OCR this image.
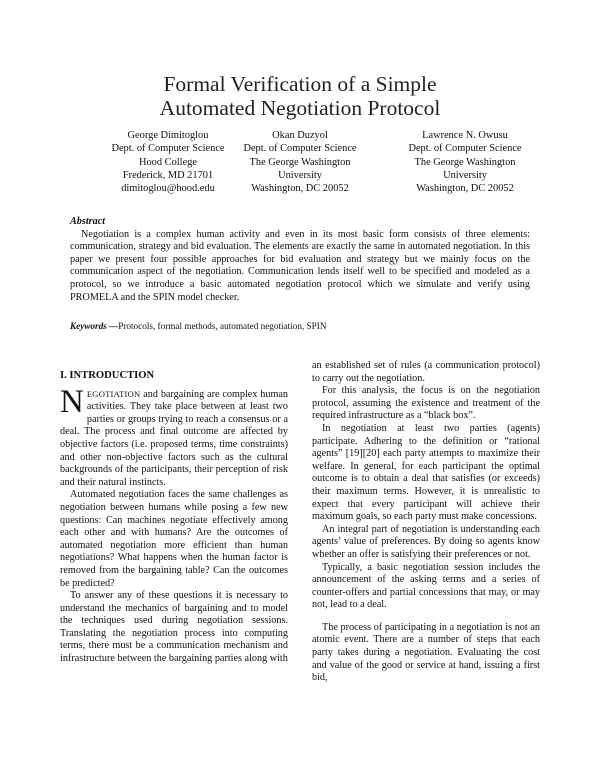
Formal Verification of a Simple
Automated Negotiation Protocol
George Dimitoglou
Dept. of Computer Science
Hood College
Frederick, MD 21701
dimitoglou@hood.edu
Okan Duzyol
Dept. of Computer Science
The George Washington
University
Washington, DC 20052
Lawrence N. Owusu
Dept. of Computer Science
The George Washington
University
Washington, DC 20052
Abstract

Negotiation is a complex human activity and even in its most basic form consists of three elements: communication, strategy and bid evaluation. The elements are exactly the same in automated negotiation. In this paper we present four possible approaches for bid evaluation and strategy but we mainly focus on the communication aspect of the negotiation. Communication lends itself well to be specified and modeled as a protocol, so we introduce a basic automated negotiation protocol which we simulate and verify using PROMELA and the SPIN model checker.

Keywords —Protocols, formal methods, automated negotiation, SPIN
I. INTRODUCTION

NEGOTIATION and bargaining are complex human activities. They take place between at least two parties or groups trying to reach a consensus or a deal. The process and final outcome are affected by objective factors (i.e. proposed terms, time constraints) and other non-objective factors such as the cultural backgrounds of the participants, their perception of risk and their natural instincts.

Automated negotiation faces the same challenges as negotiation between humans while posing a few new questions: Can machines negotiate effectively among each other and with humans? Are the outcomes of automated negotiation more efficient than human negotiations? What happens when the human factor is removed from the bargaining table? Can the outcomes be predicted?

To answer any of these questions it is necessary to understand the mechanics of bargaining and to model the techniques used during negotiation sessions. Translating the negotiation process into computing terms, there must be a communication mechanism and infrastructure between the bargaining parties along with

an established set of rules (a communication protocol) to carry out the negotiation.

For this analysis, the focus is on the negotiation protocol, assuming the existence and treatment of the required infrastructure as a “black box”.

In negotiation at least two parties (agents) participate. Adhering to the definition or “rational agents” [19][20] each party attempts to maximize their welfare. In general, for each participant the optimal outcome is to obtain a deal that satisfies (or exceeds) their maximum terms. However, it is unrealistic to expect that every participant will achieve their maximum goals, so each party must make concessions.

An integral part of negotiation is understanding each agents’ value of preferences. By doing so agents know whether an offer is satisfying their preferences or not.

Typically, a basic negotiation session includes the announcement of the asking terms and a series of counter-offers and partial concessions that may, or may not, lead to a deal.

The process of participating in a negotiation is not an atomic event. There are a number of steps that each party takes during a negotiation. Evaluating the cost and value of the good or service at hand, issuing a first bid,
